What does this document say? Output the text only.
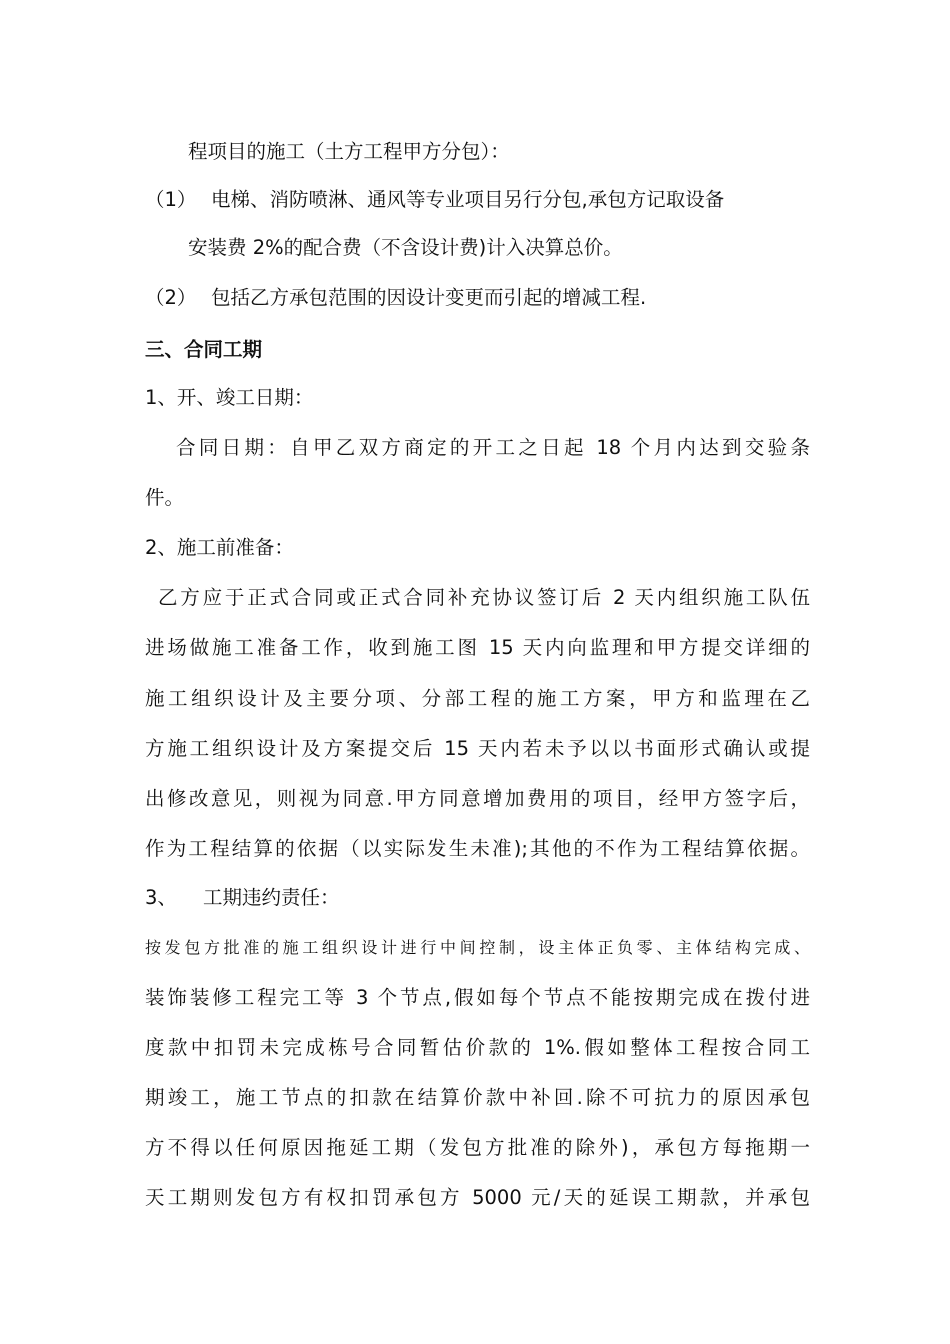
程项目的施工（土方工程甲方分包）：
（1） 电梯、消防喷淋、通风等专业项目另行分包,承包方记取设备
安装费 2%的配合费（不含设计费)计入决算总价。
（2） 包括乙方承包范围的因设计变更而引起的增减工程.
三、合同工期
1、开、竣工日期：
合同日期：自甲乙双方商定的开工之日起 18 个月内达到交验条
件。
2、施工前准备：
乙方应于正式合同或正式合同补充协议签订后 2 天内组织施工队伍
进场做施工准备工作，收到施工图 15 天内向监理和甲方提交详细的
施工组织设计及主要分项、分部工程的施工方案，甲方和监理在乙
方施工组织设计及方案提交后 15 天内若未予以以书面形式确认或提
出修改意见，则视为同意.甲方同意增加费用的项目，经甲方签字后，
作为工程结算的依据（以实际发生未准);其他的不作为工程结算依据。
3、 工期违约责任：
按发包方批准的施工组织设计进行中间控制，设主体正负零、主体结构完成、
装饰装修工程完工等 3 个节点,假如每个节点不能按期完成在拨付进
度款中扣罚未完成栋号合同暂估价款的 1%.假如整体工程按合同工
期竣工，施工节点的扣款在结算价款中补回.除不可抗力的原因承包
方不得以任何原因拖延工期（发包方批准的除外)，承包方每拖期一
天工期则发包方有权扣罚承包方 5000 元/天的延误工期款，并承包
